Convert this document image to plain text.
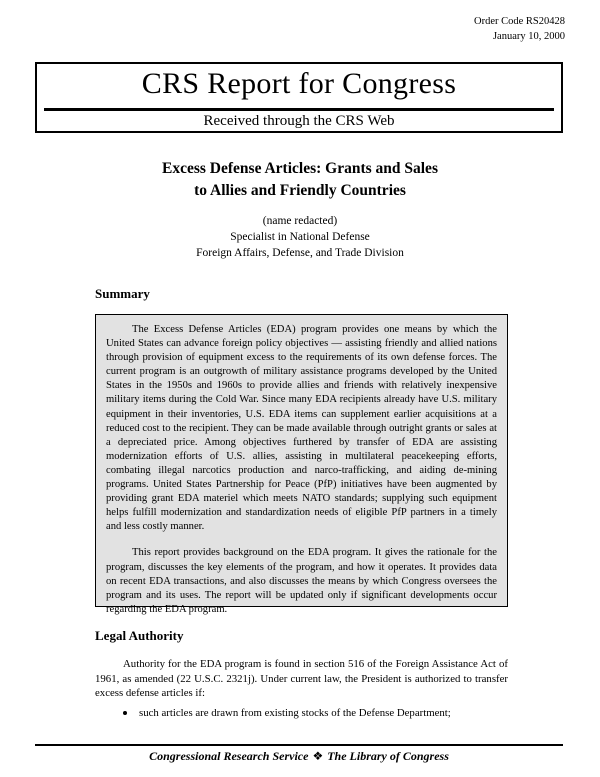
Order Code RS20428
January 10, 2000
CRS Report for Congress
Received through the CRS Web
Excess Defense Articles: Grants and Sales
to Allies and Friendly Countries
(name redacted)
Specialist in National Defense
Foreign Affairs, Defense, and Trade Division
Summary

The Excess Defense Articles (EDA) program provides one means by which the United States can advance foreign policy objectives — assisting friendly and allied nations through provision of equipment excess to the requirements of its own defense forces. The current program is an outgrowth of military assistance programs developed by the United States in the 1950s and 1960s to provide allies and friends with relatively inexpensive military items during the Cold War. Since many EDA recipients already have U.S. military equipment in their inventories, U.S. EDA items can supplement earlier acquisitions at a reduced cost to the recipient. They can be made available through outright grants or sales at a depreciated price. Among objectives furthered by transfer of EDA are assisting modernization efforts of U.S. allies, assisting in multilateral peacekeeping efforts, combating illegal narcotics production and narco-trafficking, and aiding de-mining programs. United States Partnership for Peace (PfP) initiatives have been augmented by providing grant EDA materiel which meets NATO standards; supplying such equipment helps fulfill modernization and standardization needs of eligible PfP partners in a timely and less costly manner.

This report provides background on the EDA program. It gives the rationale for the program, discusses the key elements of the program, and how it operates. It provides data on recent EDA transactions, and also discusses the means by which Congress oversees the program and its uses. The report will be updated only if significant developments occur regarding the EDA program.

Legal Authority

Authority for the EDA program is found in section 516 of the Foreign Assistance Act of 1961, as amended (22 U.S.C. 2321j). Under current law, the President is authorized to transfer excess defense articles if:

such articles are drawn from existing stocks of the Defense Department;
Congressional Research Service ❖ The Library of Congress
